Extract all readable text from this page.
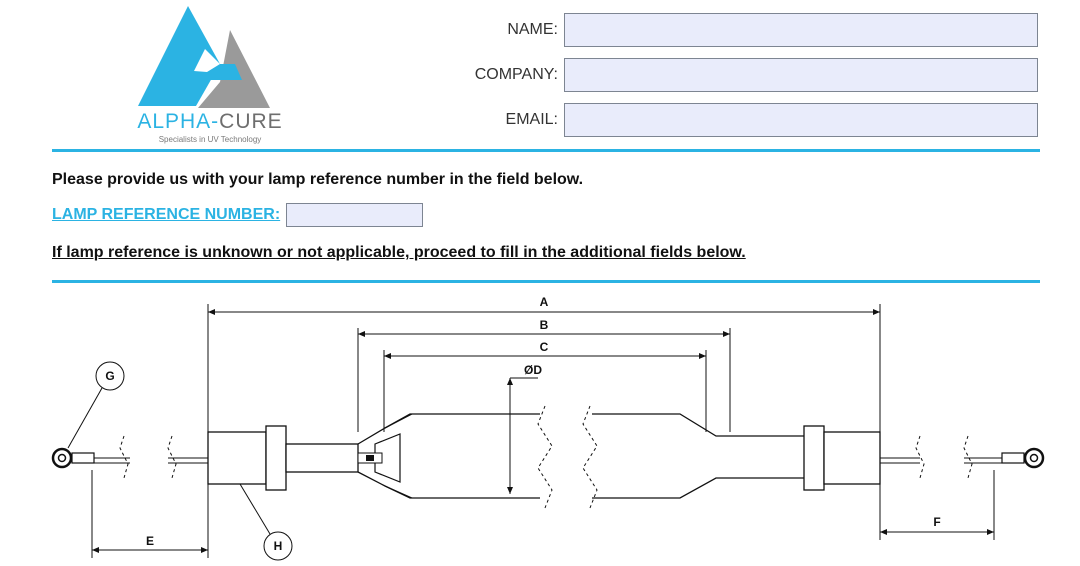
ALPHA-CURE
Specialists in UV Technology
NAME:
COMPANY:
EMAIL:
Please provide us with your lamp reference number in the field below.
LAMP REFERENCE NUMBER:
If lamp reference is unknown or not applicable, proceed to fill in the additional fields below.
A
B
C
ØD
E
F
G
H
